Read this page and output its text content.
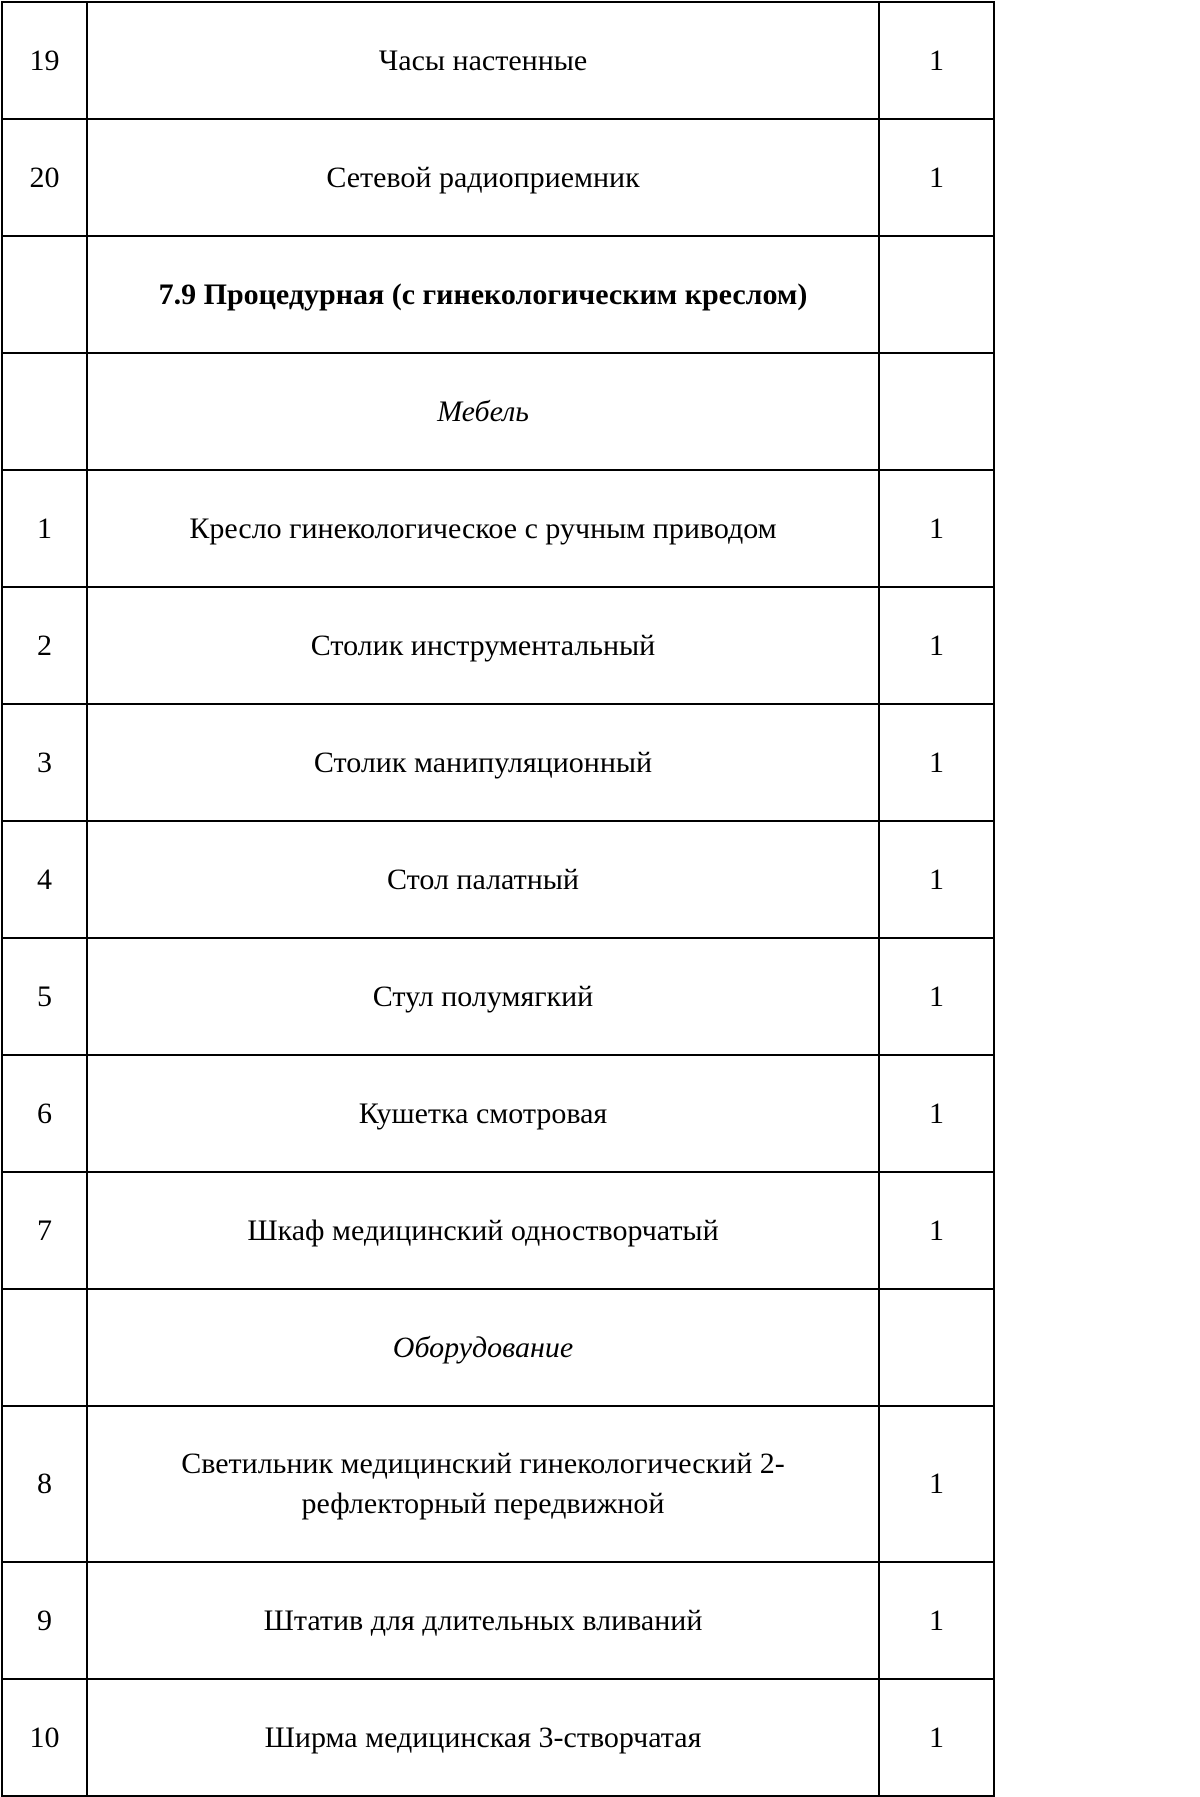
19	Часы настенные	1
20	Сетевой радиоприемник	1
	7.9 Процедурная (с гинекологическим креслом)	
	Мебель	
1	Кресло гинекологическое с ручным приводом	1
2	Столик инструментальный	1
3	Столик манипуляционный	1
4	Стол палатный	1
5	Стул полумягкий	1
6	Кушетка смотровая	1
7	Шкаф медицинский одностворчатый	1
	Оборудование	
8	Светильник медицинский гинекологический 2-рефлекторный передвижной	1
9	Штатив для длительных вливаний	1
10	Ширма медицинская 3-створчатая	1
